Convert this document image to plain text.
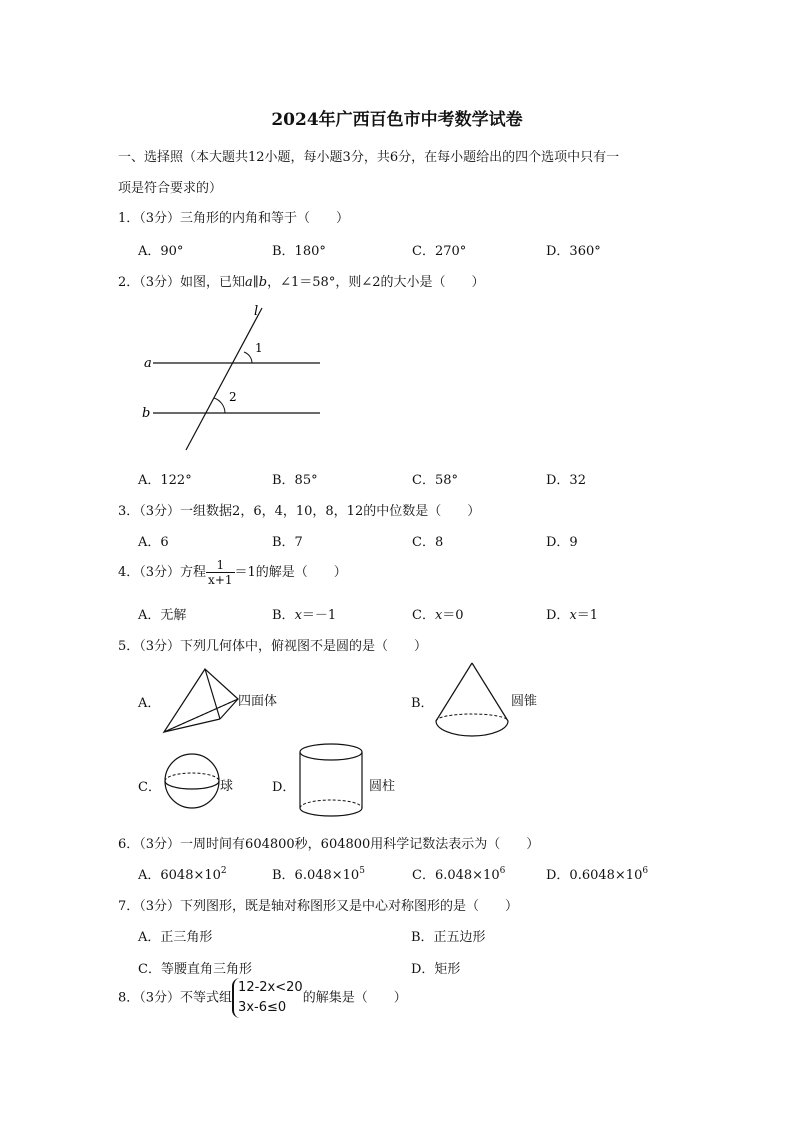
2024年广西百色市中考数学试卷
一、选择照（本大题共12小题，每小题3分，共6分，在每小题给出的四个选项中只有一
项是符合要求的）
1．（3分）三角形的内角和等于（　　）
A．90°	B．180°	C．270°	D．360°
2．（3分）如图，已知a∥b，∠1＝58°，则∠2的大小是（　　）
l
a
b
1
2
A．122°	B．85°	C．58°	D．32
3．（3分）一组数据2，6，4，10，8，12的中位数是（　　）
A．6	B．7	C．8	D．9
4．（3分）方程 $\frac{1}{x+1} =1$的解是（　　）
A．无解	B．x＝－1	C．x＝0	D．x＝1
5．（3分）下列几何体中，俯视图不是圆的是（　　）
A．	四面体	B．	圆锥
C．	球	D．	圆柱
6．（3分）一周时间有604800秒，604800用科学记数法表示为（　　）
A．$6048\times 10^2$	B．$6.048\times 10^5$	C．$6.048\times 10^6$	D．$0.6048\times 10^6$
7．（3分）下列图形，既是轴对称图形又是中心对称图形的是（　　）
A．正三角形	B．正五边形
C．等腰直角三角形	D．矩形
8．（3分）不等式组
12-2x<20
3x-6≤0
的解集是（　　）
